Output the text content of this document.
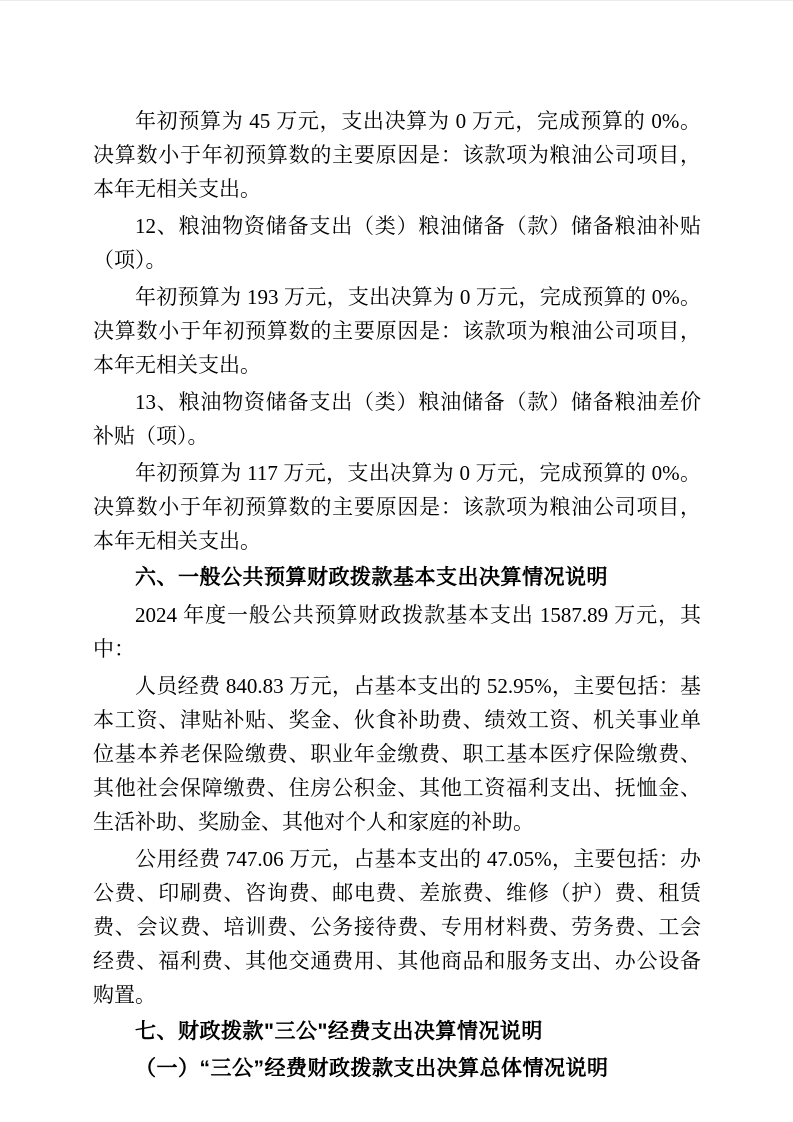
年初预算为 45 万元，支出决算为 0 万元，完成预算的 0%。决算数小于年初预算数的主要原因是：该款项为粮油公司项目，本年无相关支出。

12、粮油物资储备支出（类）粮油储备（款）储备粮油补贴（项）。

年初预算为 193 万元，支出决算为 0 万元，完成预算的 0%。决算数小于年初预算数的主要原因是：该款项为粮油公司项目，本年无相关支出。

13、粮油物资储备支出（类）粮油储备（款）储备粮油差价补贴（项）。

年初预算为 117 万元，支出决算为 0 万元，完成预算的 0%。决算数小于年初预算数的主要原因是：该款项为粮油公司项目，本年无相关支出。

六、一般公共预算财政拨款基本支出决算情况说明

2024 年度一般公共预算财政拨款基本支出 1587.89 万元，其中：

人员经费 840.83 万元，占基本支出的 52.95%，主要包括：基本工资、津贴补贴、奖金、伙食补助费、绩效工资、机关事业单位基本养老保险缴费、职业年金缴费、职工基本医疗保险缴费、其他社会保障缴费、住房公积金、其他工资福利支出、抚恤金、生活补助、奖励金、其他对个人和家庭的补助。

公用经费 747.06 万元，占基本支出的 47.05%，主要包括：办公费、印刷费、咨询费、邮电费、差旅费、维修（护）费、租赁费、会议费、培训费、公务接待费、专用材料费、劳务费、工会经费、福利费、其他交通费用、其他商品和服务支出、办公设备购置。

七、财政拨款"三公"经费支出决算情况说明

（一）“三公”经费财政拨款支出决算总体情况说明
